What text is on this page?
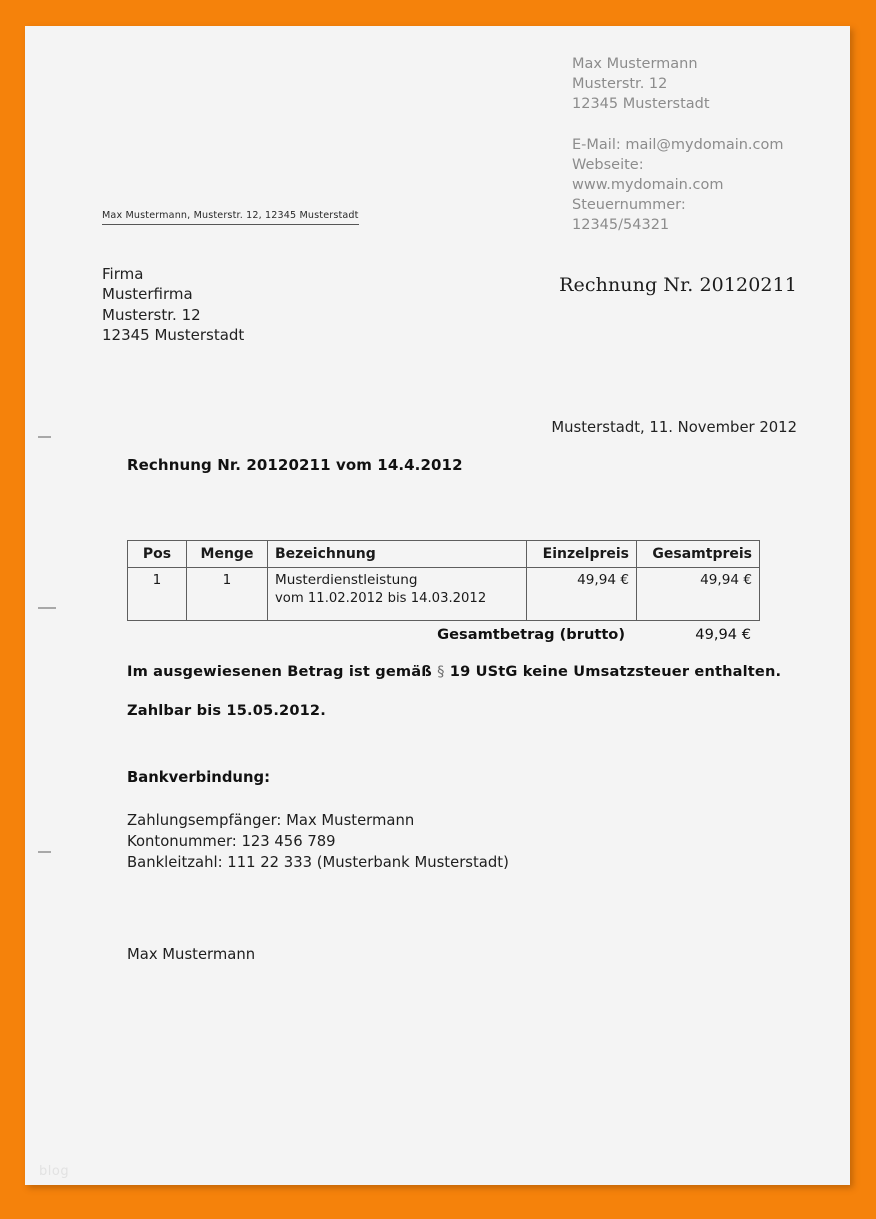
Max Mustermann
Musterstr. 12
12345 Musterstadt
E-Mail: mail@mydomain.com
Webseite:
www.mydomain.com
Steuernummer:
12345/54321
Max Mustermann, Musterstr. 12, 12345 Musterstadt
Firma
Musterfirma
Musterstr. 12
12345 Musterstadt
Rechnung Nr. 20120211
Musterstadt, 11. November 2012
Rechnung Nr. 20120211 vom 14.4.2012
Pos	Menge	Bezeichnung	Einzelpreis	Gesamtpreis
1	1	Musterdienstleistung
vom 11.02.2012 bis 14.03.2012	49,94 €	49,94 €
Gesamtbetrag (brutto)	49,94 €
Im ausgewiesenen Betrag ist gemäß § 19 UStG keine Umsatzsteuer enthalten.
Zahlbar bis 15.05.2012.
Bankverbindung:
Zahlungsempfänger: Max Mustermann
Kontonummer: 123 456 789
Bankleitzahl: 111 22 333 (Musterbank Musterstadt)
Max Mustermann
blog
